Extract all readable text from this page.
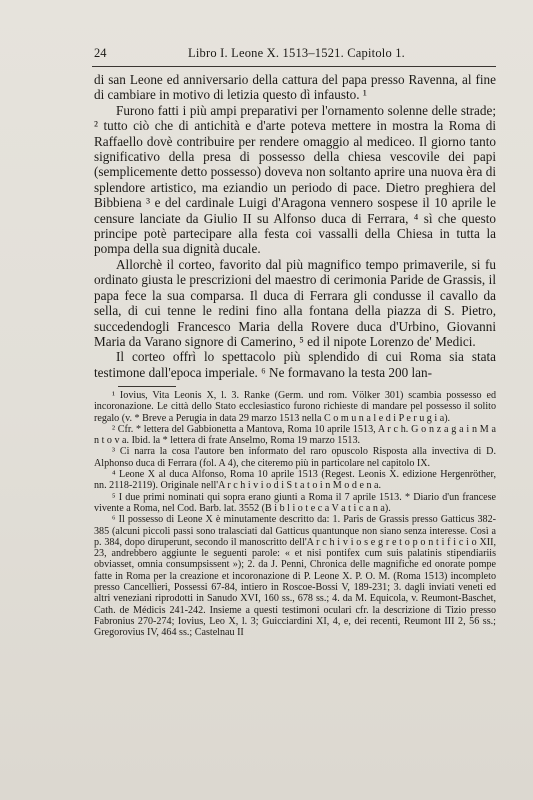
24	Libro I. Leone X. 1513–1521. Capitolo 1.

di san Leone ed anniversario della cattura del papa presso Ravenna, al fine di cambiare in motivo di letizia questo dì infausto. ¹

Furono fatti i più ampi preparativi per l'ornamento solenne delle strade; ² tutto ciò che di antichità e d'arte poteva mettere in mostra la Roma di Raffaello dovè contribuire per rendere omaggio al mediceo. Il giorno tanto significativo della presa di possesso della chiesa vescovile dei papi (semplicemente detto possesso) doveva non soltanto aprire una nuova èra di splendore artistico, ma eziandio un periodo di pace. Dietro preghiera del Bibbiena ³ e del cardinale Luigi d'Aragona vennero sospese il 10 aprile le censure lanciate da Giulio II su Alfonso duca di Ferrara, ⁴ sì che questo principe potè partecipare alla festa coi vassalli della Chiesa in tutta la pompa della sua dignità ducale.

Allorchè il corteo, favorito dal più magnifico tempo primaverile, si fu ordinato giusta le prescrizioni del maestro di cerimonia Paride de Grassis, il papa fece la sua comparsa. Il duca di Ferrara gli condusse il cavallo da sella, di cui tenne le redini fino alla fontana della piazza di S. Pietro, succedendogli Francesco Maria della Rovere duca d'Urbino, Giovanni Maria da Varano signore di Camerino, ⁵ ed il nipote Lorenzo de' Medici.

Il corteo offrì lo spettacolo più splendido di cui Roma sia stata testimone dall'epoca imperiale. ⁶ Ne formavano la testa 200 lan-

¹ Iovius, Vita Leonis X, l. 3. Ranke (Germ. und rom. Völker 301) scambia possesso ed incoronazione. Le città dello Stato ecclesiastico furono richieste di mandare pel possesso il solito regalo (v. * Breve a Perugia in data 29 marzo 1513 nella C o m u n a l e d i P e r u g i a).

² Cfr. * lettera del Gabbionetta a Mantova, Roma 10 aprile 1513, A r c h. G o n z a g a i n M a n t o v a. Ibid. la * lettera di frate Anselmo, Roma 19 marzo 1513.

³ Ci narra la cosa l'autore ben informato del raro opuscolo Risposta alla invectiva di D. Alphonso duca di Ferrara (fol. A 4), che citeremo più in particolare nel capitolo IX.

⁴ Leone X al duca Alfonso, Roma 10 aprile 1513 (Regest. Leonis X. edizione Hergenröther, nn. 2118-2119). Originale nell'A r c h i v i o d i S t a t o i n M o d e n a.

⁵ I due primi nominati qui sopra erano giunti a Roma il 7 aprile 1513. * Diario d'un francese vivente a Roma, nel Cod. Barb. lat. 3552 (B i b l i o t e c a V a t i c a n a).

⁶ Il possesso di Leone X è minutamente descritto da: 1. Paris de Grassis presso Gatticus 382-385 (alcuni piccoli passi sono tralasciati dal Gatticus quantunque non siano senza interesse. Così a p. 384, dopo diruperunt, secondo il manoscritto dell'A r c h i v i o s e g r e t o p o n t i f i c i o XII, 23, andrebbero aggiunte le seguenti parole: « et nisi pontifex cum suis palatinis stipendiariis obviasset, omnia consumpsissent »); 2. da J. Penni, Chronica delle magnifiche ed onorate pompe fatte in Roma per la creazione et incoronazione di P. Leone X. P. O. M. (Roma 1513) incompleto presso Cancellieri, Possessi 67-84, intiero in Roscoe-Bossi V, 189-231; 3. dagli inviati veneti ed altri veneziani riprodotti in Sanudo XVI, 160 ss., 678 ss.; 4. da M. Equicola, v. Reumont-Baschet, Cath. de Médicis 241-242. Insieme a questi testimoni oculari cfr. la descrizione di Tizio presso Fabronius 270-274; Iovius, Leo X, l. 3; Guicciardini XI, 4, e, dei recenti, Reumont III 2, 56 ss.; Gregorovius IV, 464 ss.; Castelnau II
